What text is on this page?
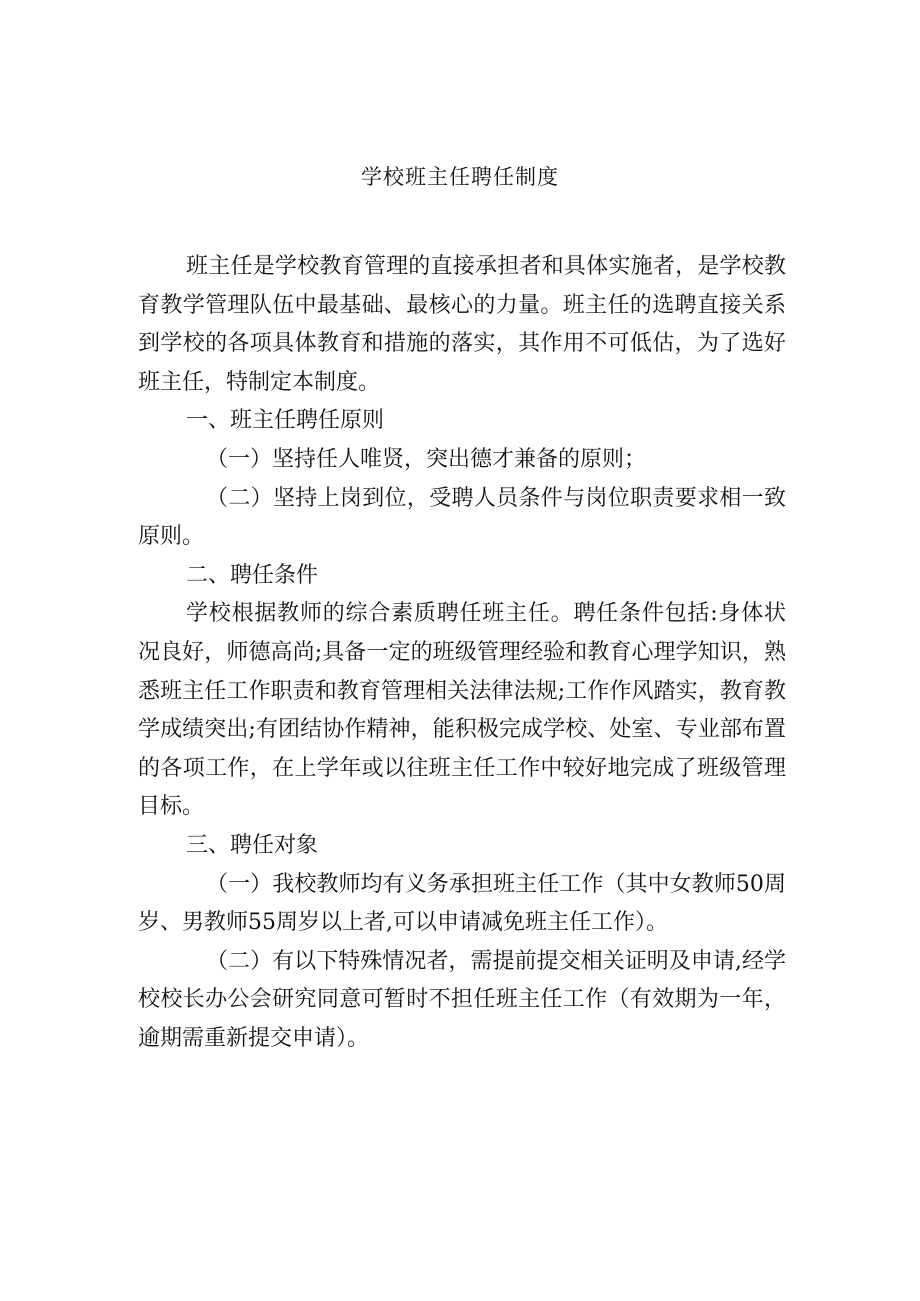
学校班主任聘任制度

班主任是学校教育管理的直接承担者和具体实施者，是学校教育教学管理队伍中最基础、最核心的力量。班主任的选聘直接关系到学校的各项具体教育和措施的落实，其作用不可低估，为了选好班主任，特制定本制度。

一、班主任聘任原则

（一）坚持任人唯贤，突出德才兼备的原则；

（二）坚持上岗到位，受聘人员条件与岗位职责要求相一致原则。

二、聘任条件

学校根据教师的综合素质聘任班主任。聘任条件包括:身体状况良好，师德高尚;具备一定的班级管理经验和教育心理学知识，熟悉班主任工作职责和教育管理相关法律法规;工作作风踏实，教育教学成绩突出;有团结协作精神，能积极完成学校、处室、专业部布置的各项工作，在上学年或以往班主任工作中较好地完成了班级管理目标。

三、聘任对象

（一）我校教师均有义务承担班主任工作（其中女教师50周岁、男教师55周岁以上者,可以申请减免班主任工作）。

（二）有以下特殊情况者，需提前提交相关证明及申请,经学校校长办公会研究同意可暂时不担任班主任工作（有效期为一年，逾期需重新提交申请）。
